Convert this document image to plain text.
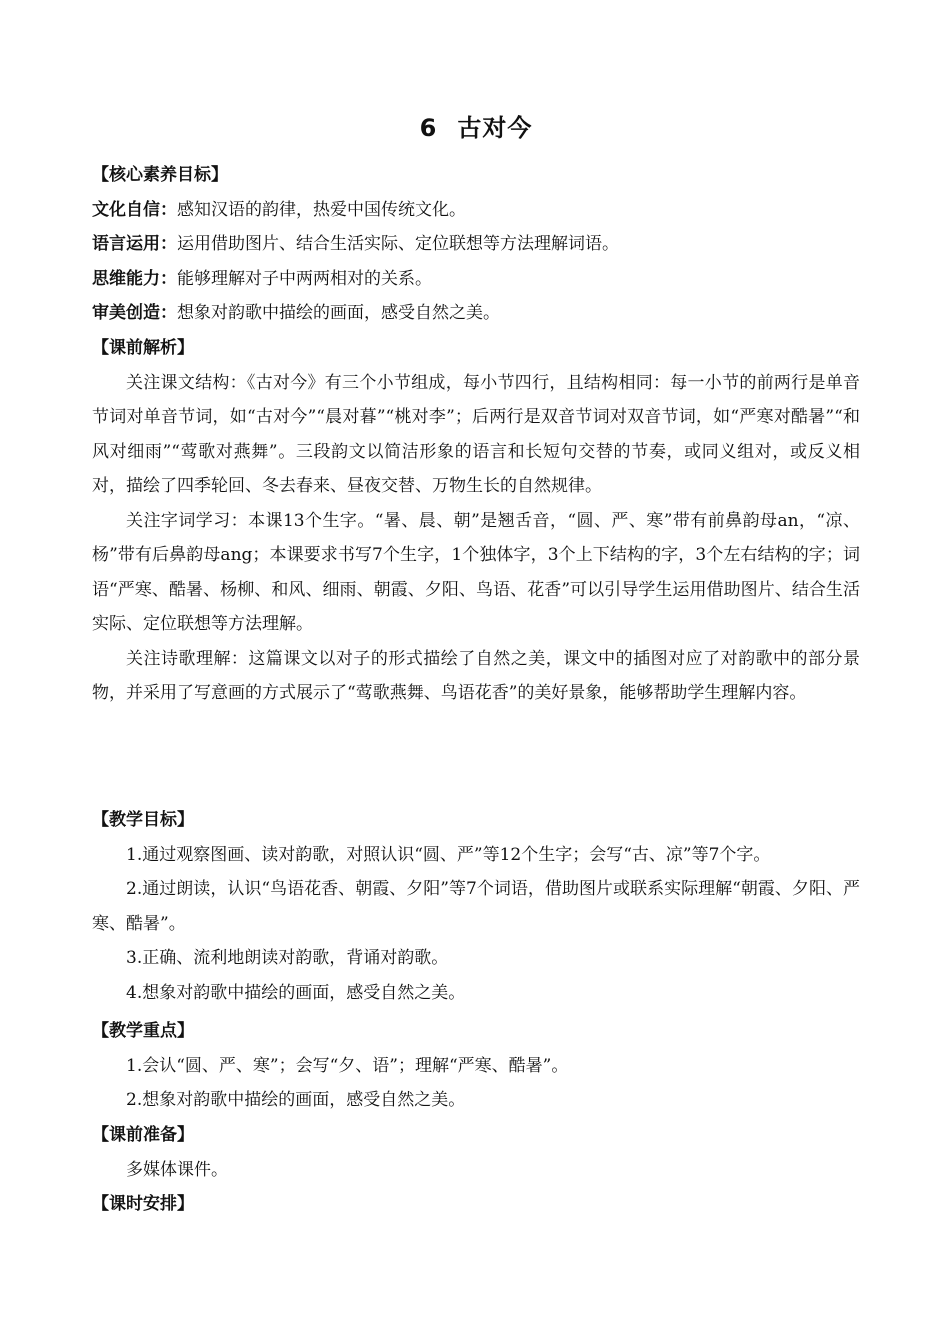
6 古对今

【核心素养目标】

文化自信：感知汉语的韵律，热爱中国传统文化。

语言运用：运用借助图片、结合生活实际、定位联想等方法理解词语。

思维能力：能够理解对子中两两相对的关系。

审美创造：想象对韵歌中描绘的画面，感受自然之美。

【课前解析】

关注课文结构：《古对今》有三个小节组成，每小节四行，且结构相同：每一小节的前两行是单音节词对单音节词，如“古对今”“晨对暮”“桃对李”；后两行是双音节词对双音节词，如“严寒对酷暑”“和风对细雨”“莺歌对燕舞”。三段韵文以简洁形象的语言和长短句交替的节奏，或同义组对，或反义相对，描绘了四季轮回、冬去春来、昼夜交替、万物生长的自然规律。

关注字词学习：本课13个生字。“暑、晨、朝”是翘舌音，“圆、严、寒”带有前鼻韵母an，“凉、杨”带有后鼻韵母ang；本课要求书写7个生字，1个独体字，3个上下结构的字，3个左右结构的字；词语“严寒、酷暑、杨柳、和风、细雨、朝霞、夕阳、鸟语、花香”可以引导学生运用借助图片、结合生活实际、定位联想等方法理解。

关注诗歌理解：这篇课文以对子的形式描绘了自然之美，课文中的插图对应了对韵歌中的部分景物，并采用了写意画的方式展示了“莺歌燕舞、鸟语花香”的美好景象，能够帮助学生理解内容。

【教学目标】

1.通过观察图画、读对韵歌，对照认识“圆、严”等12个生字；会写“古、凉”等7个字。

2.通过朗读，认识“鸟语花香、朝霞、夕阳”等7个词语，借助图片或联系实际理解“朝霞、夕阳、严寒、酷暑”。

3.正确、流利地朗读对韵歌，背诵对韵歌。

4.想象对韵歌中描绘的画面，感受自然之美。

【教学重点】

1.会认“圆、严、寒”；会写“夕、语”；理解“严寒、酷暑”。

2.想象对韵歌中描绘的画面，感受自然之美。

【课前准备】

多媒体课件。

【课时安排】
